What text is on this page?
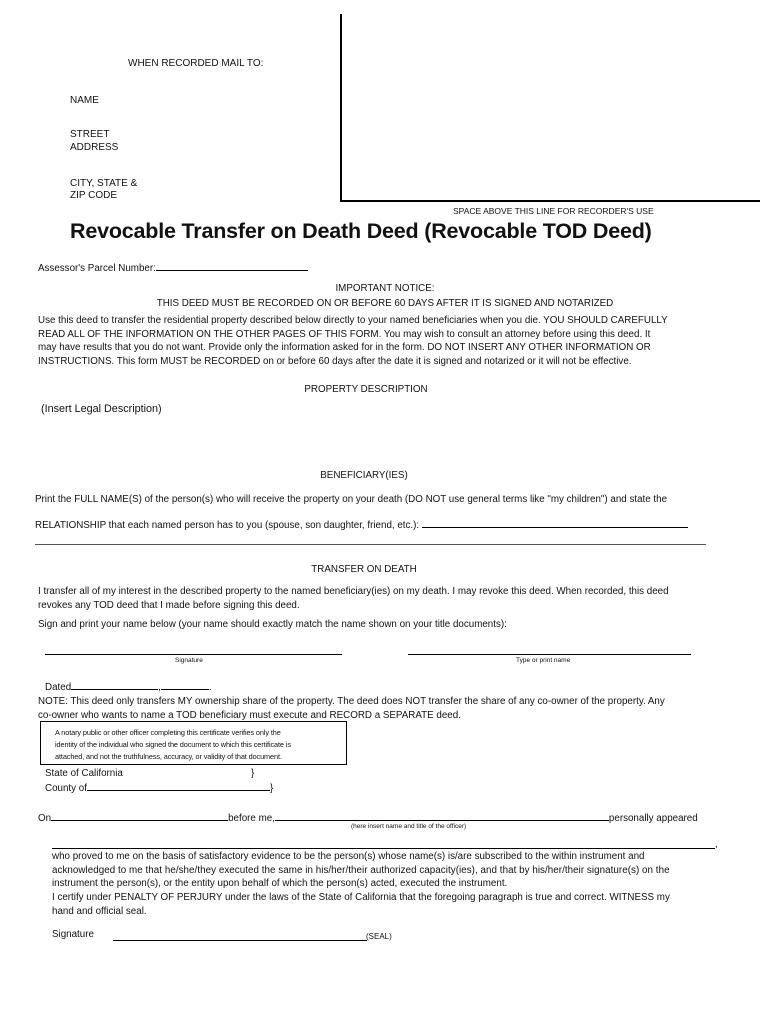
WHEN RECORDED MAIL TO:
NAME
STREET
ADDRESS
CITY, STATE &
ZIP CODE
SPACE ABOVE THIS LINE FOR RECORDER'S USE
Revocable Transfer on Death Deed (Revocable TOD Deed)
Assessor's Parcel Number:
IMPORTANT NOTICE:
THIS DEED MUST BE RECORDED ON OR BEFORE 60 DAYS AFTER IT IS SIGNED AND NOTARIZED
Use this deed to transfer the residential property described below directly to your named beneficiaries when you die. YOU SHOULD CAREFULLY
READ ALL OF THE INFORMATION ON THE OTHER PAGES OF THIS FORM. You may wish to consult an attorney before using this deed. It
may have results that you do not want. Provide only the information asked for in the form. DO NOT INSERT ANY OTHER INFORMATION OR
INSTRUCTIONS. This form MUST be RECORDED on or before 60 days after the date it is signed and notarized or it will not be effective.
PROPERTY DESCRIPTION
(Insert Legal Description)
BENEFICIARY(IES)
Print the FULL NAME(S) of the person(s) who will receive the property on your death (DO NOT use general terms like "my children") and state the
RELATIONSHIP that each named person has to you (spouse, son daughter, friend, etc.):
TRANSFER ON DEATH
I transfer all of my interest in the described property to the named beneficiary(ies) on my death. I may revoke this deed. When recorded, this deed
revokes any TOD deed that I made before signing this deed.
Sign and print your name below (your name should exactly match the name shown on your title documents):
Signature	Type or print name
Dated	,	.
NOTE: This deed only transfers MY ownership share of the property. The deed does NOT transfer the share of any co-owner of the property. Any
co-owner who wants to name a TOD beneficiary must execute and RECORD a SEPARATE deed.
A notary public or other officer completing this certificate verifies only the
identity of the individual who signed the document to which this certificate is
attached, and not the truthfulness, accuracy, or validity of that document.
State of California	}
County of	}
On	before me,	personally appeared
(here insert name and title of the officer)
,
who proved to me on the basis of satisfactory evidence to be the person(s) whose name(s) is/are subscribed to the within instrument and
acknowledged to me that he/she/they executed the same in his/her/their authorized capacity(ies), and that by his/her/their signature(s) on the
instrument the person(s), or the entity upon behalf of which the person(s) acted, executed the instrument.
I certify under PENALTY OF PERJURY under the laws of the State of California that the foregoing paragraph is true and correct. WITNESS my
hand and official seal.
Signature	(SEAL)
